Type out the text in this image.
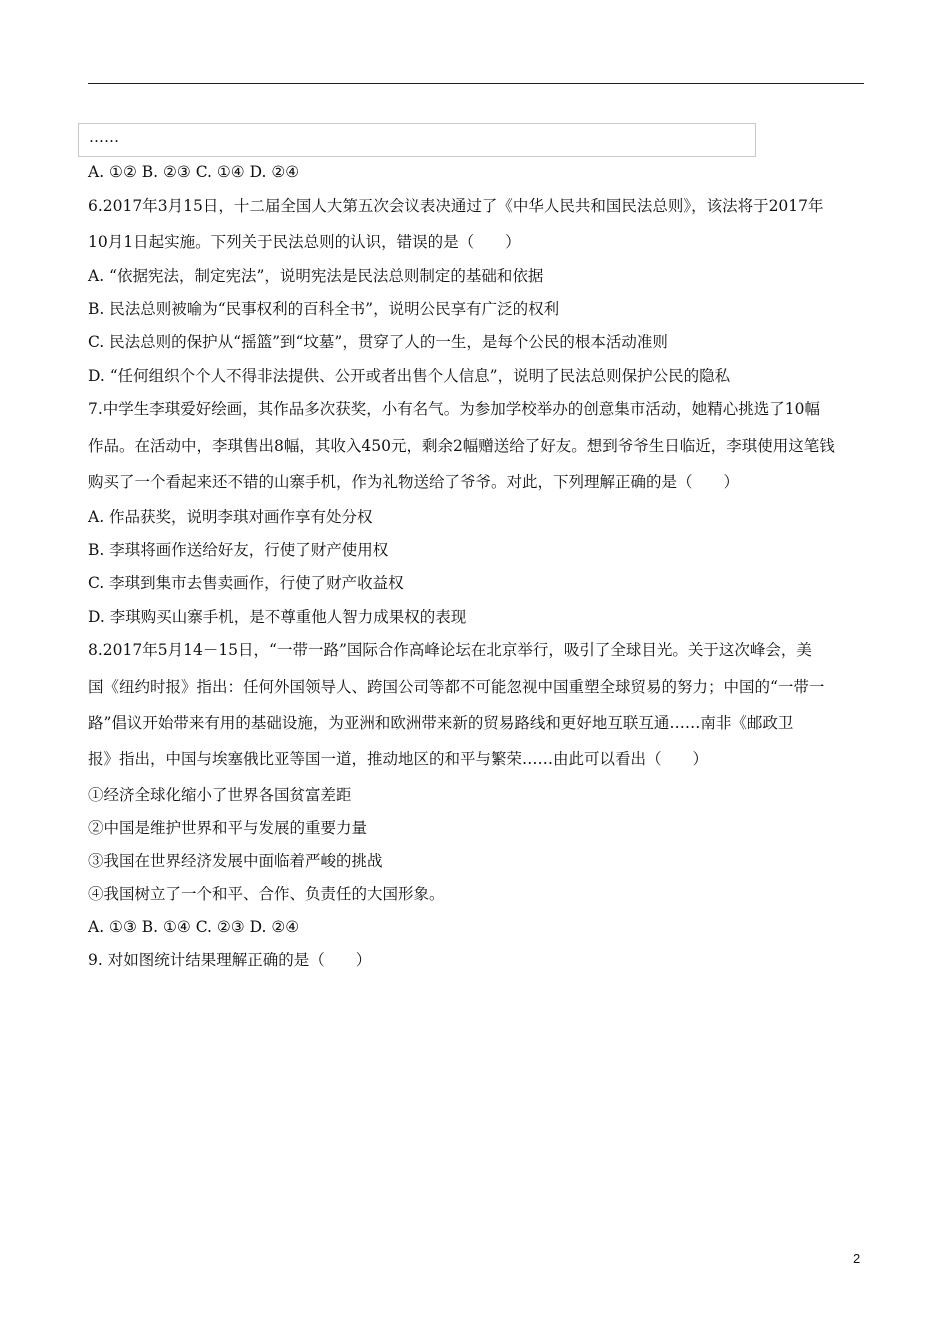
……
A. ①② B. ②③ C. ①④ D. ②④
6.2017年3月15日，十二届全国人大第五次会议表决通过了《中华人民共和国民法总则》，该法将于2017年
10月1日起实施。下列关于民法总则的认识，错误的是（　　）
A. “依据宪法，制定宪法”，说明宪法是民法总则制定的基础和依据
B. 民法总则被喻为“民事权利的百科全书”，说明公民享有广泛的权利
C. 民法总则的保护从“摇篮”到“坟墓”，贯穿了人的一生，是每个公民的根本活动准则
D. “任何组织个个人不得非法提供、公开或者出售个人信息”，说明了民法总则保护公民的隐私
7.中学生李琪爱好绘画，其作品多次获奖，小有名气。为参加学校举办的创意集市活动，她精心挑选了10幅
作品。在活动中，李琪售出8幅，其收入450元，剩余2幅赠送给了好友。想到爷爷生日临近，李琪使用这笔钱
购买了一个看起来还不错的山寨手机，作为礼物送给了爷爷。对此，下列理解正确的是（　　）
A. 作品获奖，说明李琪对画作享有处分权
B. 李琪将画作送给好友，行使了财产使用权
C. 李琪到集市去售卖画作，行使了财产收益权
D. 李琪购买山寨手机，是不尊重他人智力成果权的表现
8.2017年5月14－15日，“一带一路”国际合作高峰论坛在北京举行，吸引了全球目光。关于这次峰会，美
国《纽约时报》指出：任何外国领导人、跨国公司等都不可能忽视中国重塑全球贸易的努力；中国的“一带一
路”倡议开始带来有用的基础设施，为亚洲和欧洲带来新的贸易路线和更好地互联互通……南非《邮政卫
报》指出，中国与埃塞俄比亚等国一道，推动地区的和平与繁荣……由此可以看出（　　）
①经济全球化缩小了世界各国贫富差距
②中国是维护世界和平与发展的重要力量
③我国在世界经济发展中面临着严峻的挑战
④我国树立了一个和平、合作、负责任的大国形象。
A. ①③ B. ①④ C. ②③ D. ②④
9. 对如图统计结果理解正确的是（　　）
2
